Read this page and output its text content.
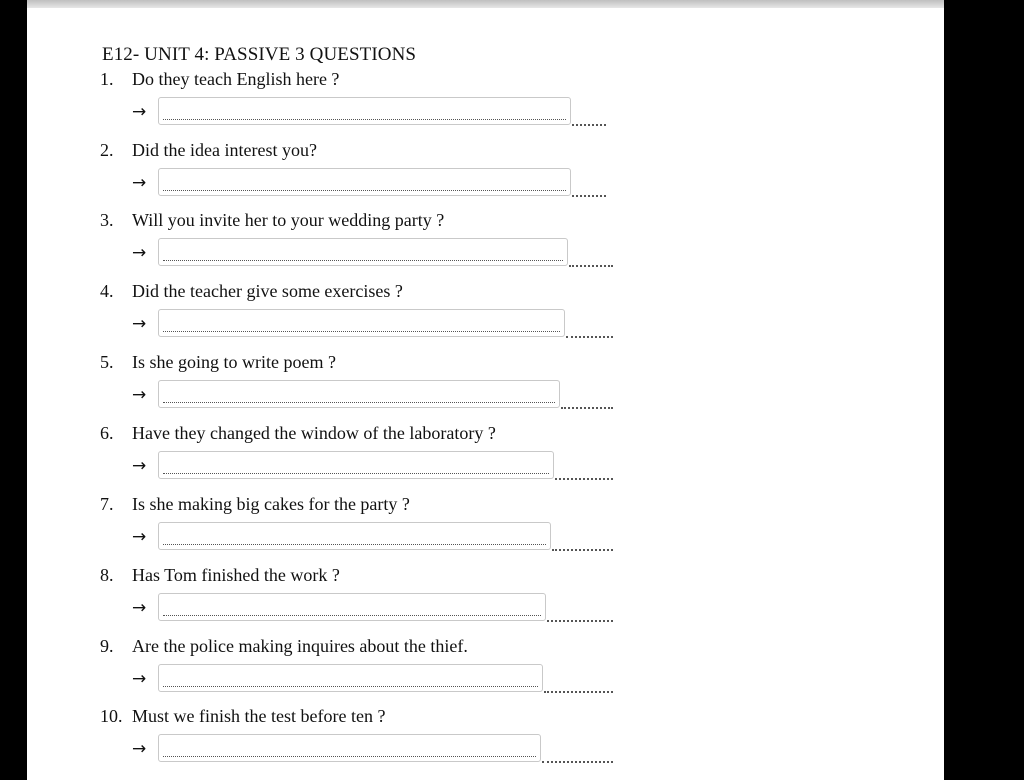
E12- UNIT 4: PASSIVE 3 QUESTIONS
1. Do they teach English here ?
→
2. Did the idea interest you?
→
3. Will you invite her to your wedding party ?
→
4. Did the teacher give some exercises ?
→
5. Is she going to write poem ?
→
6. Have they changed the window of the laboratory ?
→
7. Is she making big cakes for the party ?
→
8. Has Tom finished the work ?
→
9. Are the police making inquires about the thief.
→
10. Must we finish the test before ten ?
→
